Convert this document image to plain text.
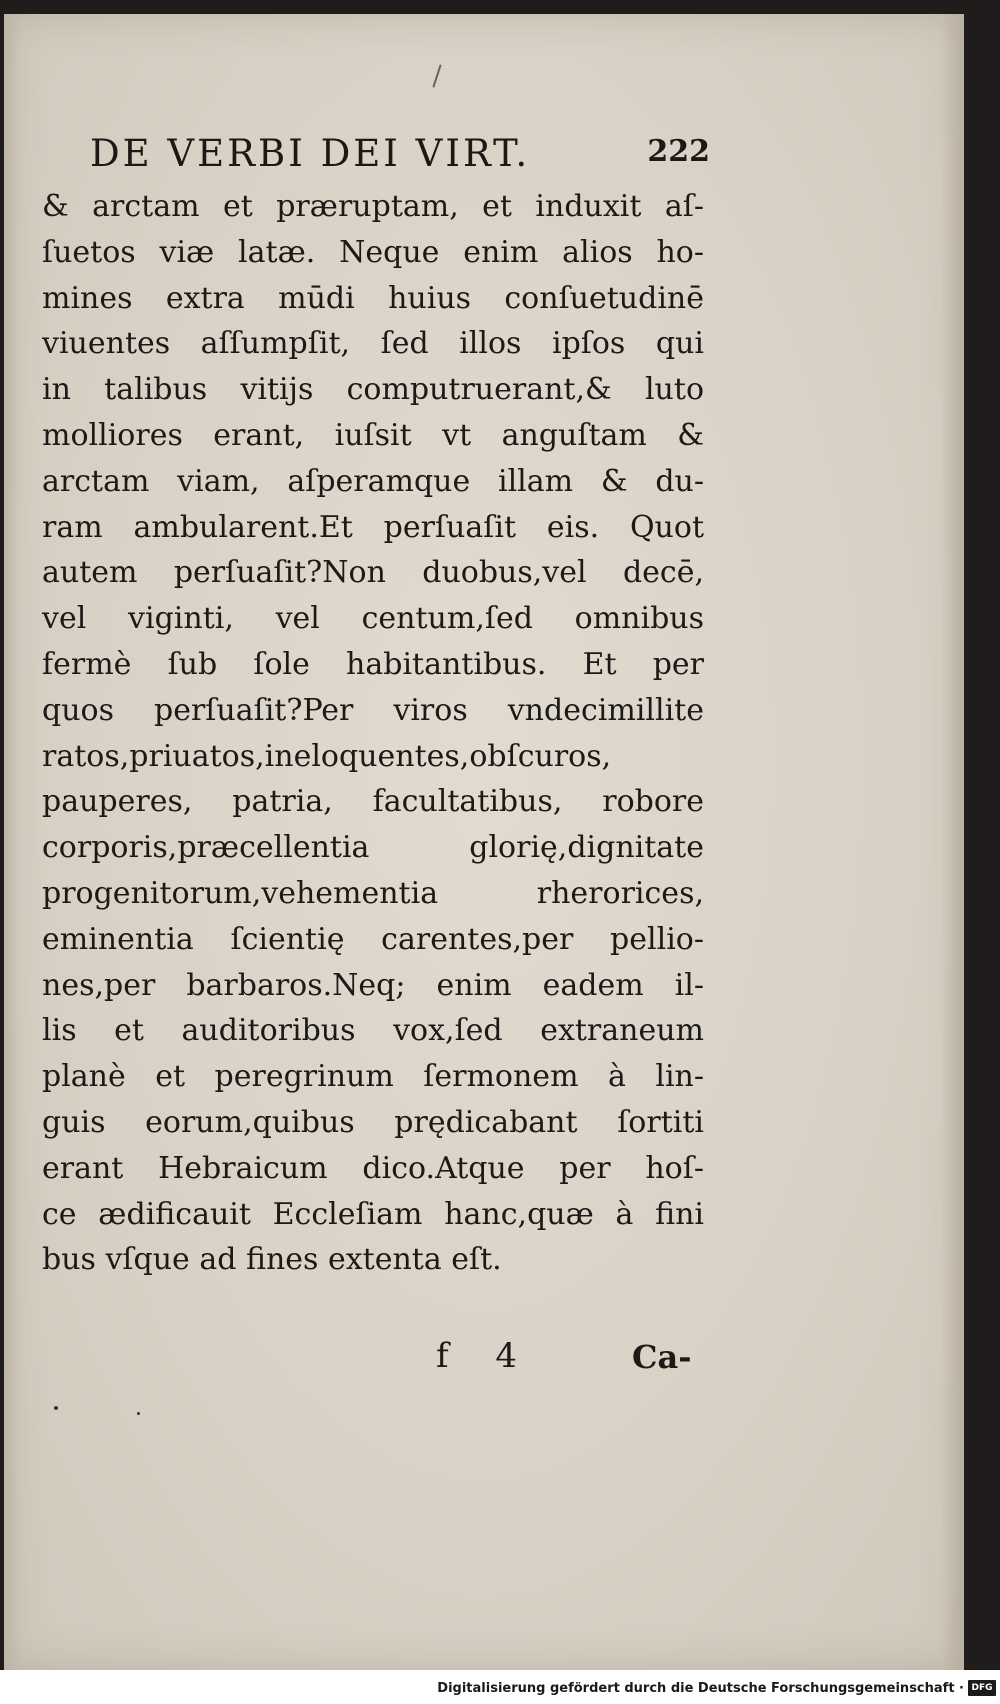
DE VERBI DEI VIRT.	222
& arctam et præruptam, et induxit aſ-
ſuetos viæ latæ. Neque enim alios ho-
mines extra mūdi huius conſuetudinē
viuentes aſſumpſit, ſed illos ipſos qui
in talibus vitijs computruerant,& luto
molliores erant, iuſsit vt anguſtam &
arctam viam, aſperamque illam & du-
ram ambularent.Et perſuaſit eis. Quot
autem perſuaſit?Non duobus,vel decē,
vel viginti, vel centum,ſed omnibus
fermè ſub ſole habitantibus. Et per
quos perſuaſit?Per viros vndecimillite
ratos,priuatos,ineloquentes,obſcuros,
pauperes, patria, facultatibus, robore
corporis,præcellentia glorię,dignitate
progenitorum,vehementia rherorices,
eminentia ſcientię carentes,per pellio-
nes,per barbaros.Neq; enim eadem il-
lis et auditoribus vox,ſed extraneum
planè et peregrinum ſermonem à lin-
guis eorum,quibus prędicabant ſortiti
erant Hebraicum dico.Atque per hoſ-
ce ædificauit Eccleſiam hanc,quæ à fini
bus vſque ad fines extenta eſt.
f 4	Ca-
Digitalisierung gefördert durch die Deutsche Forschungsgemeinschaft · DFG
